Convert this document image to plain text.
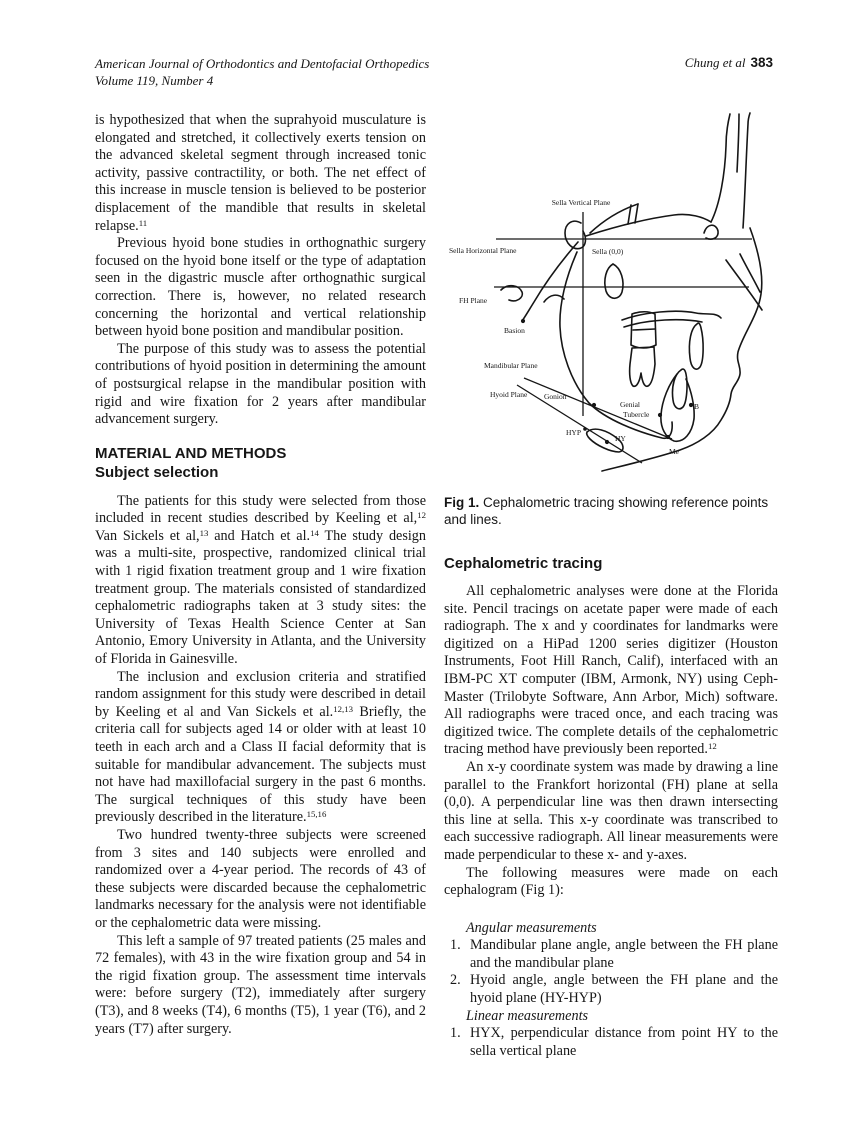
American Journal of Orthodontics and Dentofacial Orthopedics
Volume 119, Number 4
Chung et al 383

is hypothesized that when the suprahyoid musculature is elongated and stretched, it collectively exerts tension on the advanced skeletal segment through increased tonic activity, passive contractility, or both. The net effect of this increase in muscle tension is believed to be posterior displacement of the mandible that results in skeletal relapse.$^{11}$

Previous hyoid bone studies in orthognathic surgery focused on the hyoid bone itself or the type of adaptation seen in the digastric muscle after orthognathic surgical correction. There is, however, no related research concerning the horizontal and vertical relationship between hyoid bone position and mandibular position.

The purpose of this study was to assess the potential contributions of hyoid position in determining the amount of postsurgical relapse in the mandibular position with rigid and wire fixation for 2 years after mandibular advancement surgery.

MATERIAL AND METHODS
Subject selection

The patients for this study were selected from those included in recent studies described by Keeling et al,$^{12}$ Van Sickels et al,$^{13}$ and Hatch et al.$^{14}$ The study design was a multi-site, prospective, randomized clinical trial with 1 rigid fixation treatment group and 1 wire fixation treatment group. The materials consisted of standardized cephalometric radiographs taken at 3 study sites: the University of Texas Health Science Center at San Antonio, Emory University in Atlanta, and the University of Florida in Gainesville.

The inclusion and exclusion criteria and stratified random assignment for this study were described in detail by Keeling et al and Van Sickels et al.$^{12,13}$ Briefly, the criteria call for subjects aged 14 or older with at least 10 teeth in each arch and a Class II facial deformity that is suitable for mandibular advancement. The subjects must not have had maxillofacial surgery in the past 6 months. The surgical techniques of this study have been previously described in the literature.$^{15,16}$

Two hundred twenty-three subjects were screened from 3 sites and 140 subjects were enrolled and randomized over a 4-year period. The records of 43 of these subjects were discarded because the cephalometric landmarks necessary for the analysis were not identifiable or the cephalometric data were missing.

This left a sample of 97 treated patients (25 males and 72 females), with 43 in the wire fixation group and 54 in the rigid fixation group. The assessment time intervals were: before surgery (T2), immediately after surgery (T3), and 8 weeks (T4), 6 months (T5), 1 year (T6), and 2 years (T7) after surgery.

Sella Vertical Plane
Sella Horizontal Plane	Sella (0,0)
FH Plane
Basion
Mandibular Plane
Hyoid Plane Gonion
Genial
Tubercle
HYP
HY
Me
B

Fig 1. Cephalometric tracing showing reference points and lines.

Cephalometric tracing

All cephalometric analyses were done at the Florida site. Pencil tracings on acetate paper were made of each radiograph. The x and y coordinates for landmarks were digitized on a HiPad 1200 series digitizer (Houston Instruments, Foot Hill Ranch, Calif), interfaced with an IBM-PC XT computer (IBM, Armonk, NY) using Ceph-Master (Trilobyte Software, Ann Arbor, Mich) software. All radiographs were traced once, and each tracing was digitized twice. The complete details of the cephalometric tracing method have previously been reported.$^{12}$

An x-y coordinate system was made by drawing a line parallel to the Frankfort horizontal (FH) plane at sella (0,0). A perpendicular line was then drawn intersecting this line at sella. This x-y coordinate was transcribed to each successive radiograph. All linear measurements were made perpendicular to these x- and y-axes.

The following measures were made on each cephalogram (Fig 1):

Angular measurements

1. Mandibular plane angle, angle between the FH plane and the mandibular plane
2. Hyoid angle, angle between the FH plane and the hyoid plane (HY-HYP)

Linear measurements

1. HYX, perpendicular distance from point HY to the sella vertical plane
